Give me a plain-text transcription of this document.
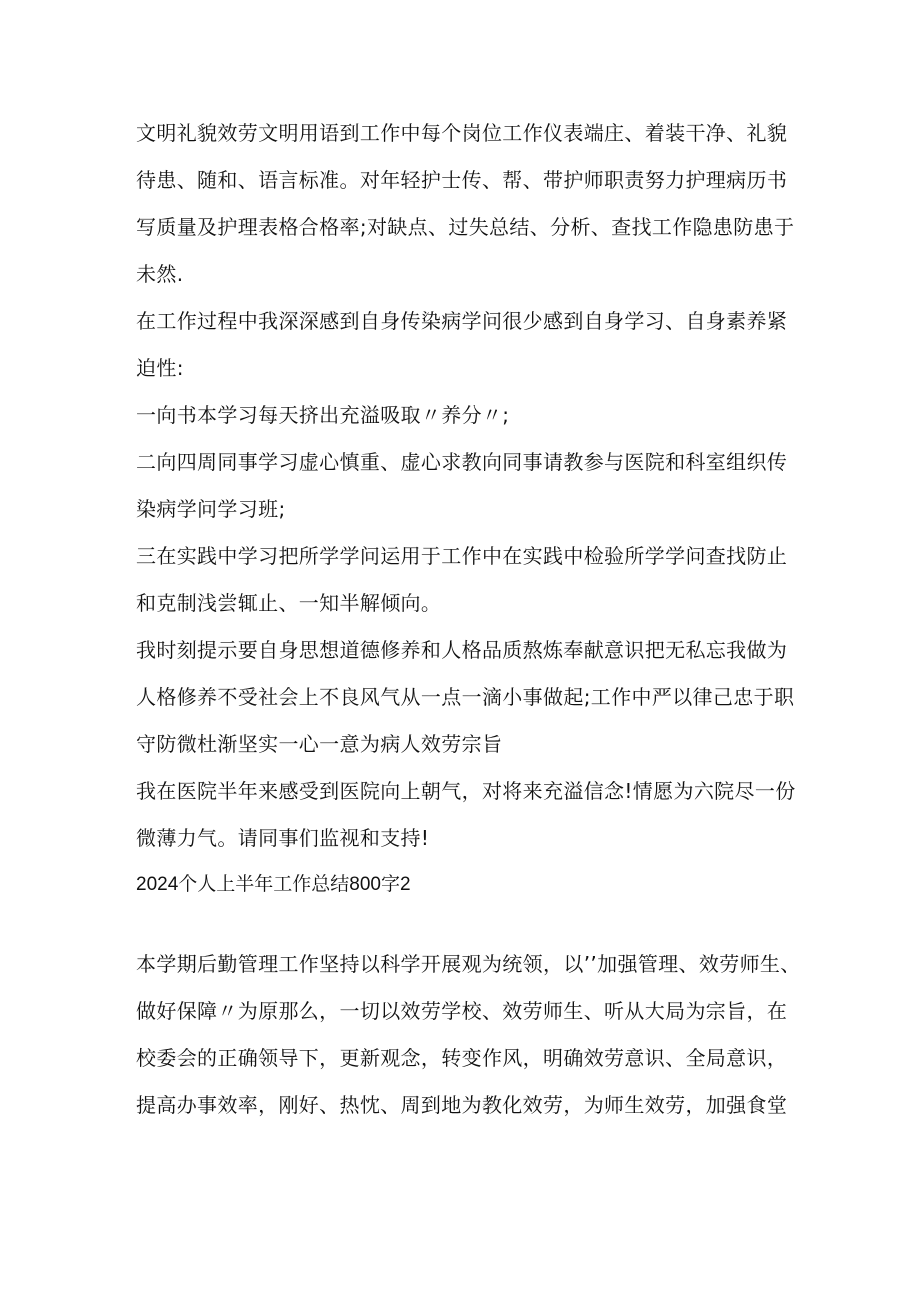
文明礼貌效劳文明用语到工作中每个岗位工作仪表端庄、着装干净、礼貌
待患、随和、语言标准。对年轻护士传、帮、带护师职责努力护理病历书
写质量及护理表格合格率;对缺点、过失总结、分析、查找工作隐患防患于
未然.
在工作过程中我深深感到自身传染病学问很少感到自身学习、自身素养紧
迫性:
一向书本学习每天挤出充溢吸取〃养分〃;
二向四周同事学习虚心慎重、虚心求教向同事请教参与医院和科室组织传
染病学问学习班;
三在实践中学习把所学学问运用于工作中在实践中检验所学学问查找防止
和克制浅尝辄止、一知半解倾向。
我时刻提示要自身思想道德修养和人格品质熬炼奉献意识把无私忘我做为
人格修养不受社会上不良风气从一点一滴小事做起;工作中严以律己忠于职
守防微杜渐坚实一心一意为病人效劳宗旨
我在医院半年来感受到医院向上朝气，对将来充溢信念!情愿为六院尽一份
微薄力气。请同事们监视和支持!
2024个人上半年工作总结800字2
本学期后勤管理工作坚持以科学开展观为统领，以’’加强管理、效劳师生、
做好保障〃为原那么，一切以效劳学校、效劳师生、听从大局为宗旨，在
校委会的正确领导下，更新观念，转变作风，明确效劳意识、全局意识，
提高办事效率，刚好、热忱、周到地为教化效劳，为师生效劳，加强食堂
